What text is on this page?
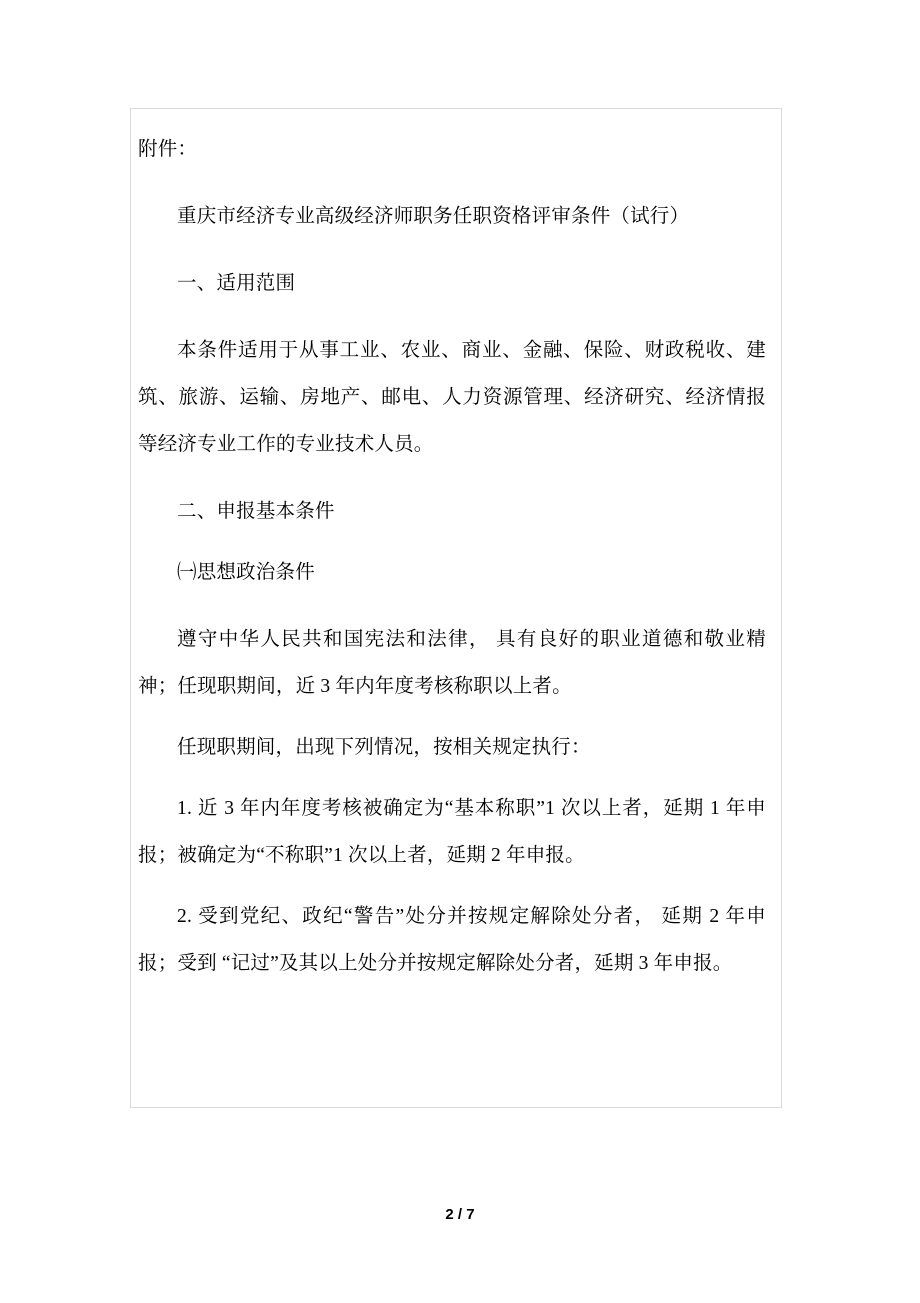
附件：

重庆市经济专业高级经济师职务任职资格评审条件（试行）

一、适用范围

本条件适用于从事工业、农业、商业、金融、保险、财政税收、建筑、旅游、运输、房地产、邮电、人力资源管理、经济研究、经济情报等经济专业工作的专业技术人员。

二、申报基本条件

㈠思想政治条件

遵守中华人民共和国宪法和法律， 具有良好的职业道德和敬业精神；任现职期间，近 3 年内年度考核称职以上者。

任现职期间，出现下列情况，按相关规定执行：

1. 近 3 年内年度考核被确定为“基本称职”1 次以上者，延期 1 年申报；被确定为“不称职”1 次以上者，延期 2 年申报。

2. 受到党纪、政纪“警告”处分并按规定解除处分者， 延期 2 年申报；受到 “记过”及其以上处分并按规定解除处分者，延期 3 年申报。

2 / 7
